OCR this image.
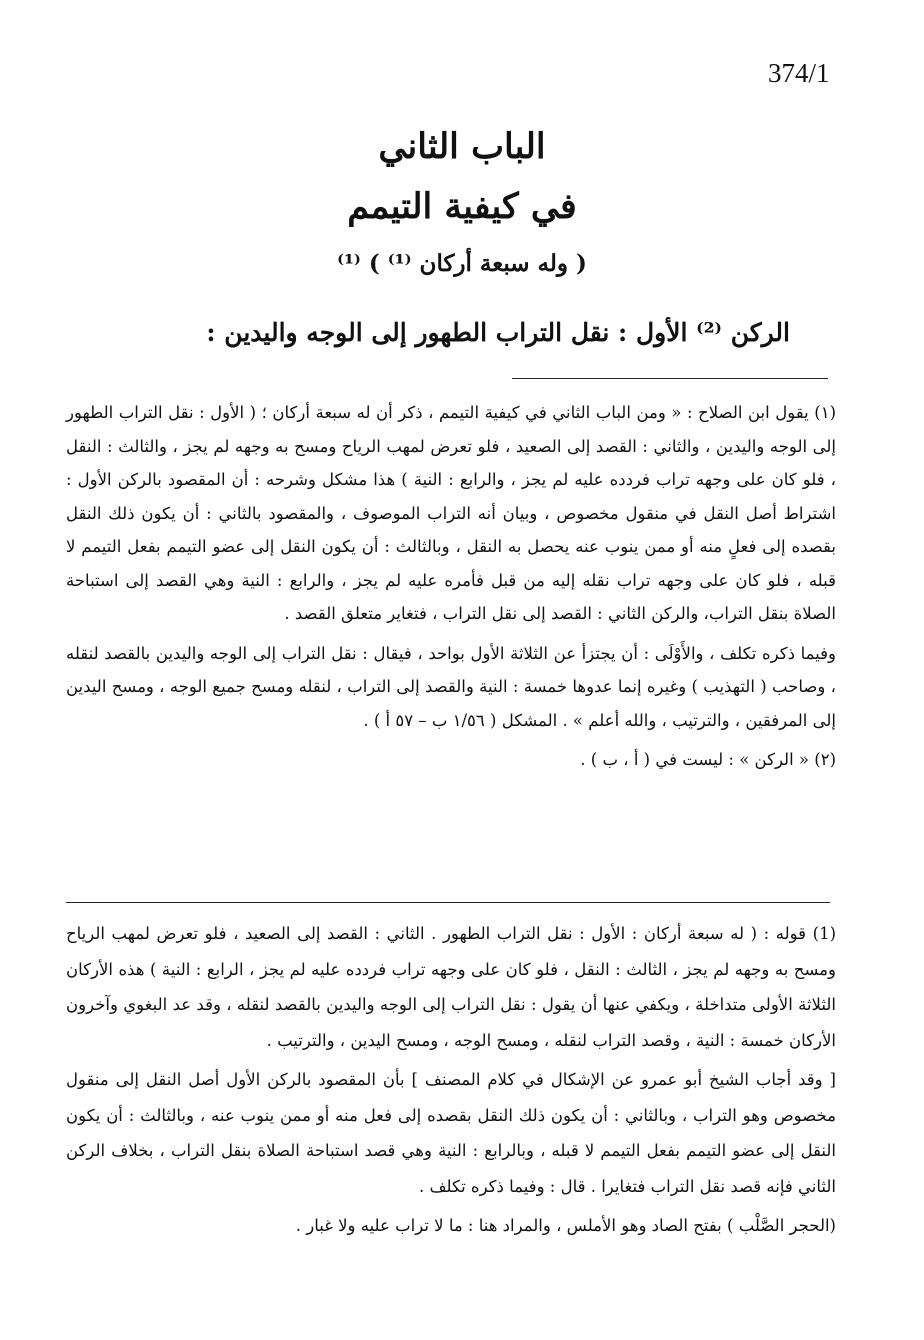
374/1
الباب الثاني
في كيفية التيمم
( وله سبعة أركان ⁽¹⁾ ) ⁽¹⁾
الركن ⁽²⁾ الأول : نقل التراب الطهور إلى الوجه واليدين :

(١) يقول ابن الصلاح : « ومن الباب الثاني في كيفية التيمم ، ذكر أن له سبعة أركان ؛ ( الأول : نقل التراب الطهور إلى الوجه واليدين ، والثاني : القصد إلى الصعيد ، فلو تعرض لمهب الرياح ومسح به وجهه لم يجز ، والثالث : النقل ، فلو كان على وجهه تراب فردده عليه لم يجز ، والرابع : النية ) هذا مشكل وشرحه : أن المقصود بالركن الأول : اشتراط أصل النقل في منقول مخصوص ، وبيان أنه التراب الموصوف ، والمقصود بالثاني : أن يكون ذلك النقل بقصده إلى فعلٍ منه أو ممن ينوب عنه يحصل به النقل ، وبالثالث : أن يكون النقل إلى عضو التيمم بفعل التيمم لا قبله ، فلو كان على وجهه تراب نقله إليه من قبل فأمره عليه لم يجز ، والرابع : النية وهي القصد إلى استباحة الصلاة بنقل التراب، والركن الثاني : القصد إلى نقل التراب ، فتغاير متعلق القصد .

وفيما ذكره تكلف ، والأَوْلَى : أن يجتزأ عن الثلاثة الأول بواحد ، فيقال : نقل التراب إلى الوجه واليدين بالقصد لنقله ، وصاحب ( التهذيب ) وغيره إنما عدوها خمسة : النية والقصد إلى التراب ، لنقله ومسح جميع الوجه ، ومسح اليدين إلى المرفقين ، والترتيب ، والله أعلم » . المشكل ( ١/٥٦ ب – ٥٧ أ ) .

(٢) « الركن » : ليست في ( أ ، ب ) .

(1) قوله : ( له سبعة أركان : الأول : نقل التراب الطهور . الثاني : القصد إلى الصعيد ، فلو تعرض لمهب الرياح ومسح به وجهه لم يجز ، الثالث : النقل ، فلو كان على وجهه تراب فردده عليه لم يجز ، الرابع : النية ) هذه الأركان الثلاثة الأولى متداخلة ، ويكفي عنها أن يقول : نقل التراب إلى الوجه واليدين بالقصد لنقله ، وقد عد البغوي وآخرون الأركان خمسة : النية ، وقصد التراب لنقله ، ومسح الوجه ، ومسح اليدين ، والترتيب .

[ وقد أجاب الشيخ أبو عمرو عن الإشكال في كلام المصنف ] بأن المقصود بالركن الأول أصل النقل إلى منقول مخصوص وهو التراب ، وبالثاني : أن يكون ذلك النقل بقصده إلى فعل منه أو ممن ينوب عنه ، وبالثالث : أن يكون النقل إلى عضو التيمم بفعل التيمم لا قبله ، وبالرابع : النية وهي قصد استباحة الصلاة بنقل التراب ، بخلاف الركن الثاني فإنه قصد نقل التراب فتغايرا . قال : وفيما ذكره تكلف .

(الحجر الصَّلْب ) بفتح الصاد وهو الأملس ، والمراد هنا : ما لا تراب عليه ولا غبار .
